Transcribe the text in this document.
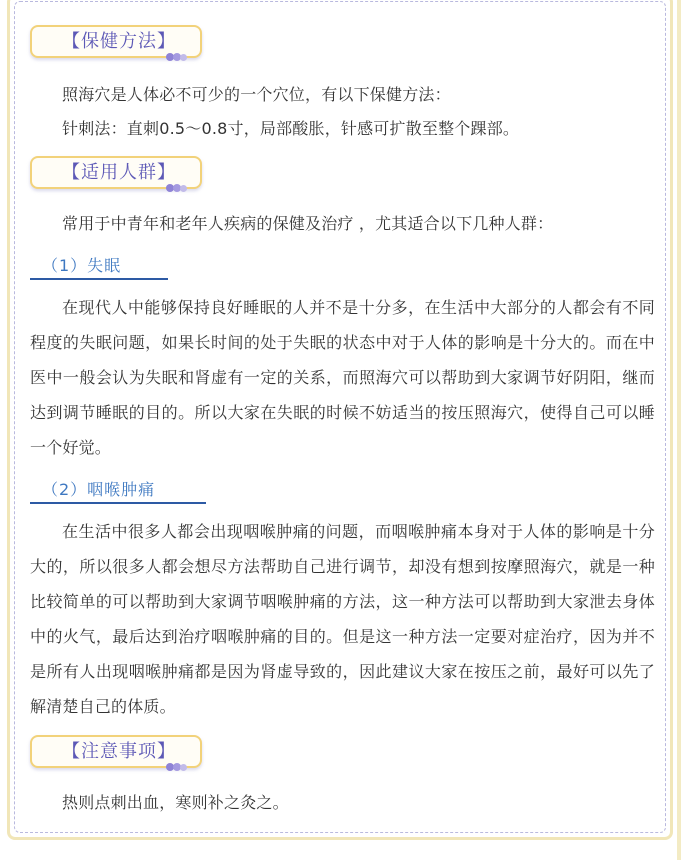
【保健方法】

照海穴是人体必不可少的一个穴位，有以下保健方法：

针刺法：直刺0.5～0.8寸，局部酸胀，针感可扩散至整个踝部。

【适用人群】

常用于中青年和老年人疾病的保健及治疗 ，尤其适合以下几种人群：

（1）失眠

在现代人中能够保持良好睡眠的人并不是十分多，在生活中大部分的人都会有不同程度的失眠问题，如果长时间的处于失眠的状态中对于人体的影响是十分大的。而在中医中一般会认为失眠和肾虚有一定的关系，而照海穴可以帮助到大家调节好阴阳，继而达到调节睡眠的目的。所以大家在失眠的时候不妨适当的按压照海穴，使得自己可以睡一个好觉。

（2）咽喉肿痛

在生活中很多人都会出现咽喉肿痛的问题，而咽喉肿痛本身对于人体的影响是十分大的，所以很多人都会想尽方法帮助自己进行调节，却没有想到按摩照海穴，就是一种比较简单的可以帮助到大家调节咽喉肿痛的方法，这一种方法可以帮助到大家泄去身体中的火气，最后达到治疗咽喉肿痛的目的。但是这一种方法一定要对症治疗，因为并不是所有人出现咽喉肿痛都是因为肾虚导致的，因此建议大家在按压之前，最好可以先了解清楚自己的体质。

【注意事项】

热则点刺出血，寒则补之灸之。
